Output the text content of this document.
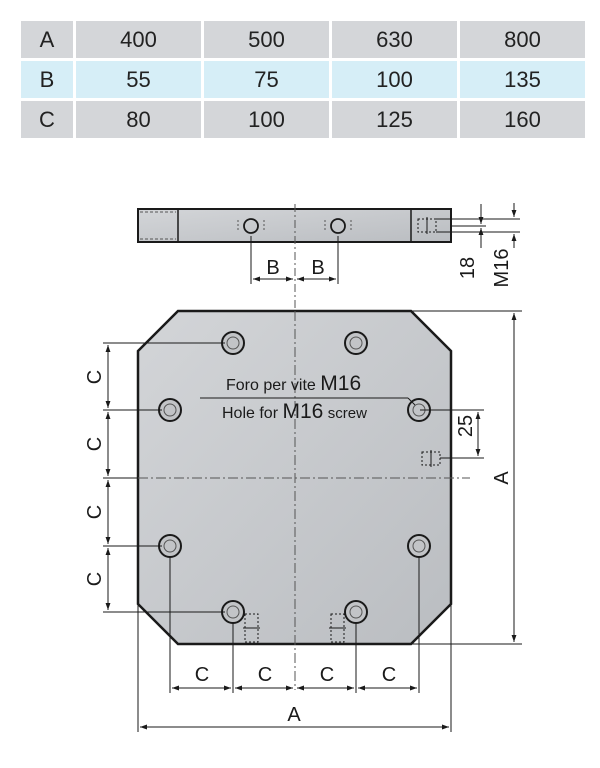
A	400	500	630	800
B	55	75	100	135
C	80	100	125	160
B B	18 M16
Foro per vite M16
Hole for M16 screw
25
A
C
C
C
C
C C C C
A
